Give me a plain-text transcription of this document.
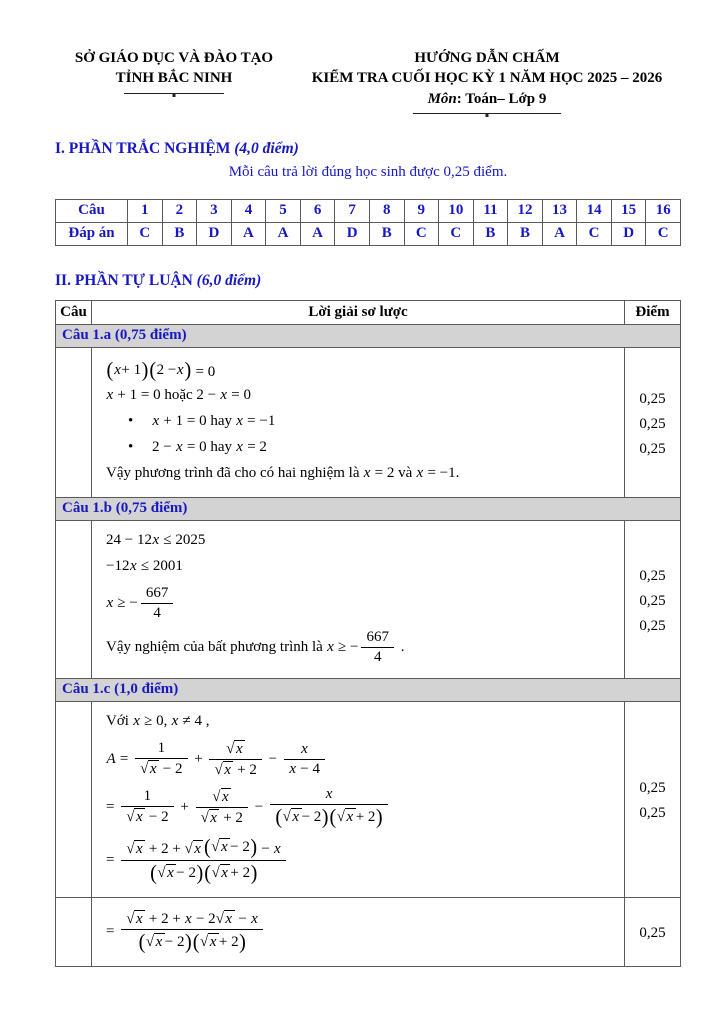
SỞ GIÁO DỤC VÀ ĐÀO TẠO
TỈNH BẮC NINH
HƯỚNG DẪN CHẤM
KIỂM TRA CUỐI HỌC KỲ 1 NĂM HỌC 2025 – 2026
Môn: Toán– Lớp 9
I. PHẦN TRẮC NGHIỆM (4,0 điểm)
Mỗi câu trả lời đúng học sinh được 0,25 điểm.
Câu	1	2	3	4	5	6	7	8	9	10	11	12	13	14	15	16
Đáp án	C	B	D	A	A	A	D	B	C	C	B	B	A	C	D	C
II. PHẦN TỰ LUẬN (6,0 điểm)
Câu	Lời giải sơ lược	Điểm
Câu 1.a (0,75 điểm)		

( x + 1 ) ( 2 − x ) = 0
x + 1 = 0 hoặc 2 − x = 0
• x + 1 = 0 hay x = −1
• 2 − x = 0 hay x = 2
Vậy phương trình đã cho có hai nghiệm là x = 2 và x = −1.

0,25
0,25
0,25

Câu 1.b (0,75 điểm)		

24 − 12x ≤ 2025
−12x ≤ 2001
x ≥ − $\frac{667}{4}$
Vậy nghiệm của bất phương trình là x ≥ − $\frac{667}{4}$ .

0,25
0,25
0,25

Câu 1.c (1,0 điểm)		

Với x ≥ 0, x ≠ 4 ,
$A = \frac{1}{√ x - 2} + \frac{√ x}{√ x + 2} - \frac{x}{x - 4}$
= $\frac{1}{√ x - 2} + \frac{√ x}{√ x + 2} - \frac{x}{( √ x - 2 ) ( √ x + 2 )}$
= $\frac{√ x + 2 + √ x ( √ x - 2 ) - x}{( √ x - 2 ) ( √ x + 2 )}$

0,25
0,25

= $\frac{√ x + 2 + x - 2√ x - x}{( √ x - 2 ) ( √ x + 2 )}$	0,25
